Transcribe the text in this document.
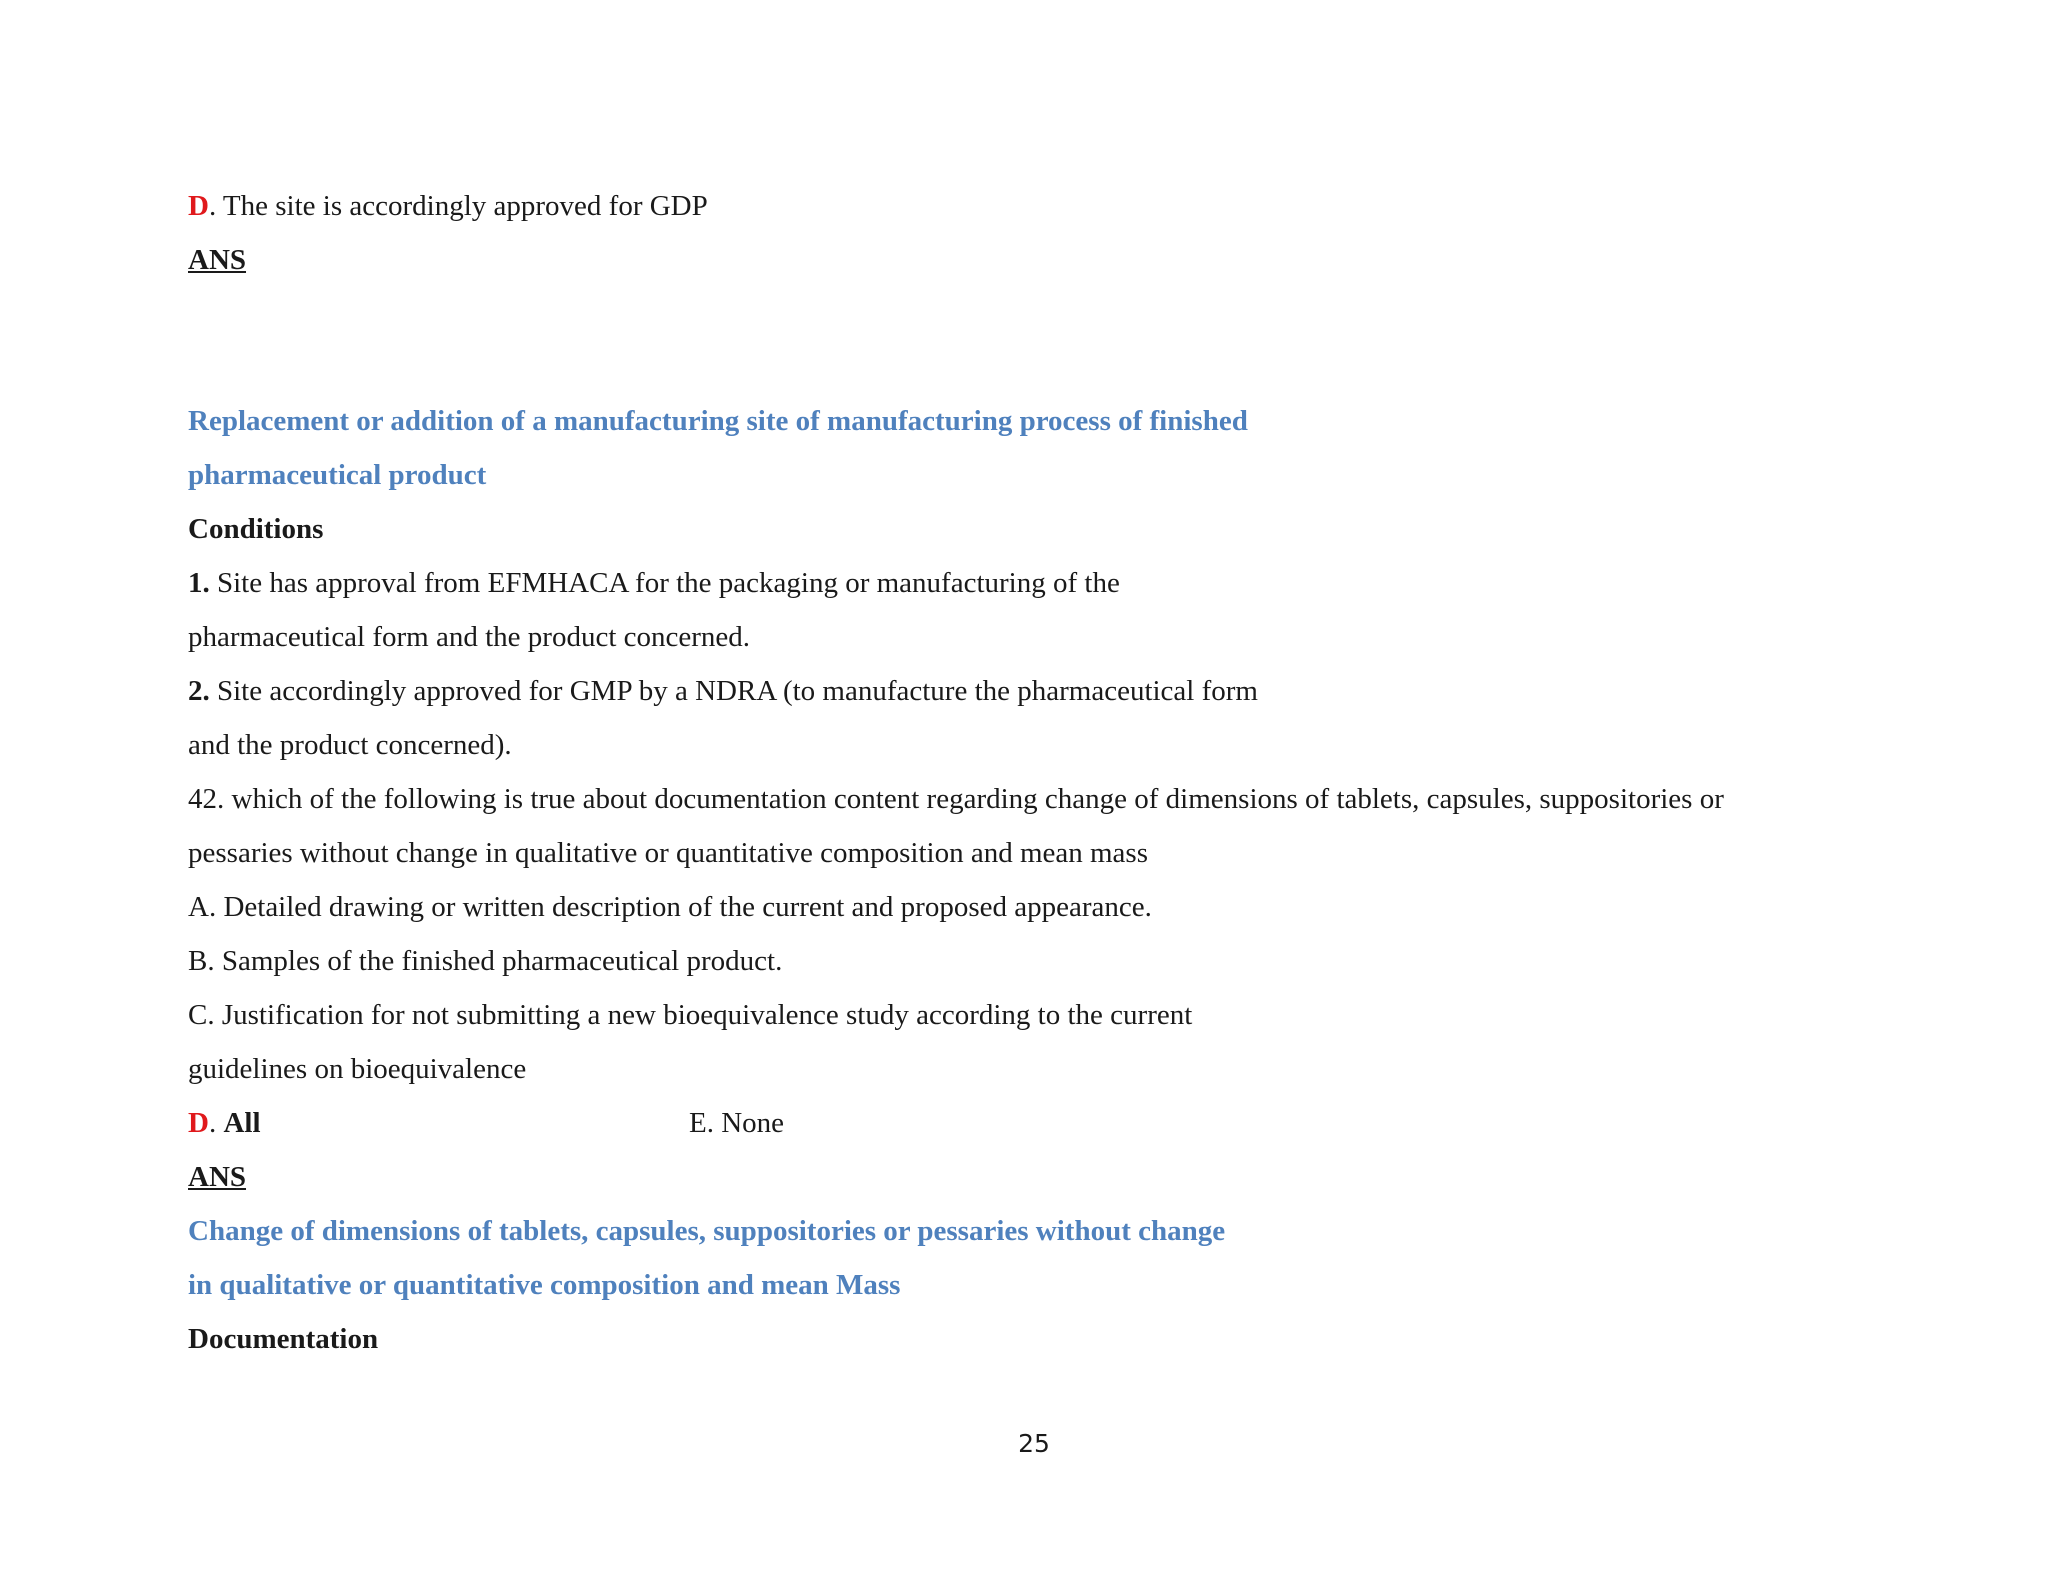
D. The site is accordingly approved for GDP
ANS
Replacement or addition of a manufacturing site of manufacturing process of finished
pharmaceutical product
Conditions
1. Site has approval from EFMHACA for the packaging or manufacturing of the
pharmaceutical form and the product concerned.
2. Site accordingly approved for GMP by a NDRA (to manufacture the pharmaceutical form
and the product concerned).
42. which of the following is true about documentation content regarding change of dimensions of tablets, capsules, suppositories or
pessaries without change in qualitative or quantitative composition and mean mass
A. Detailed drawing or written description of the current and proposed appearance.
B. Samples of the finished pharmaceutical product.
C. Justification for not submitting a new bioequivalence study according to the current
guidelines on bioequivalence
D. All	E. None
ANS
Change of dimensions of tablets, capsules, suppositories or pessaries without change
in qualitative or quantitative composition and mean Mass
Documentation
25
